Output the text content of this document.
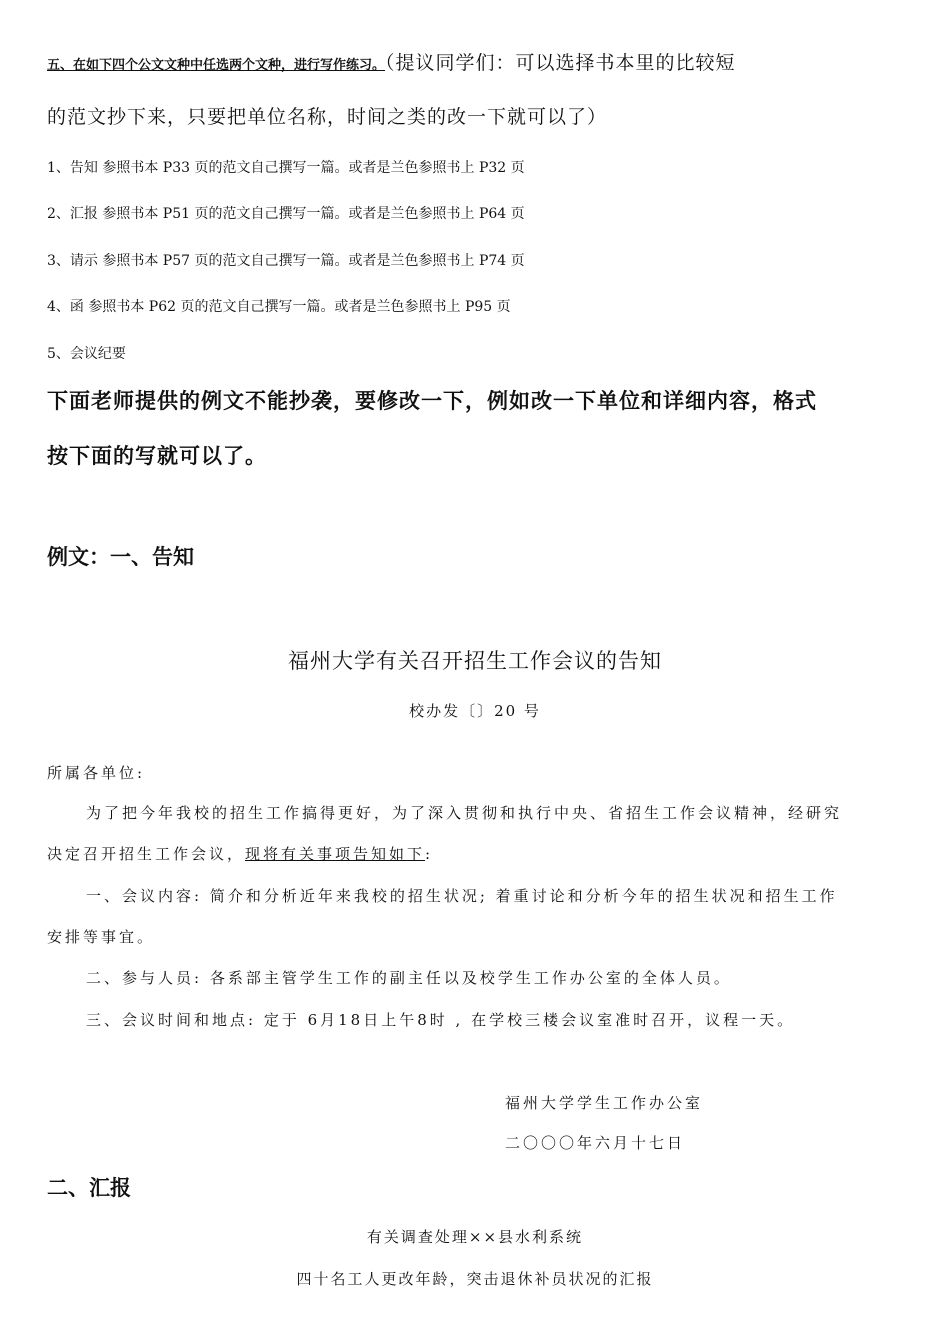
五、在如下四个公文文种中任选两个文种，进行写作练习。（提议同学们：可以选择书本里的比较短
的范文抄下来，只要把单位名称，时间之类的改一下就可以了）
1、告知 参照书本 P33 页的范文自己撰写一篇。或者是兰色参照书上 P32 页
2、汇报 参照书本 P51 页的范文自己撰写一篇。或者是兰色参照书上 P64 页
3、请示 参照书本 P57 页的范文自己撰写一篇。或者是兰色参照书上 P74 页
4、函 参照书本 P62 页的范文自己撰写一篇。或者是兰色参照书上 P95 页
5、会议纪要
下面老师提供的例文不能抄袭，要修改一下，例如改一下单位和详细内容，格式
按下面的写就可以了。
例文：一、告知
福州大学有关召开招生工作会议的告知
校办发〔〕20 号
所属各单位:
为了把今年我校的招生工作搞得更好，为了深入贯彻和执行中央、省招生工作会议精神，经研究
决定召开招生工作会议，现将有关事项告知如下:
一、会议内容: 简介和分析近年来我校的招生状况; 着重讨论和分析今年的招生状况和招生工作
安排等事宜。
二、参与人员: 各系部主管学生工作的副主任以及校学生工作办公室的全体人员。
三、会议时间和地点: 定于 6月18日上午8时 , 在学校三楼会议室准时召开，议程一天。
福州大学学生工作办公室
二〇〇〇年六月十七日
二、汇报
有关调查处理××县水利系统
四十名工人更改年龄，突击退休补员状况的汇报
